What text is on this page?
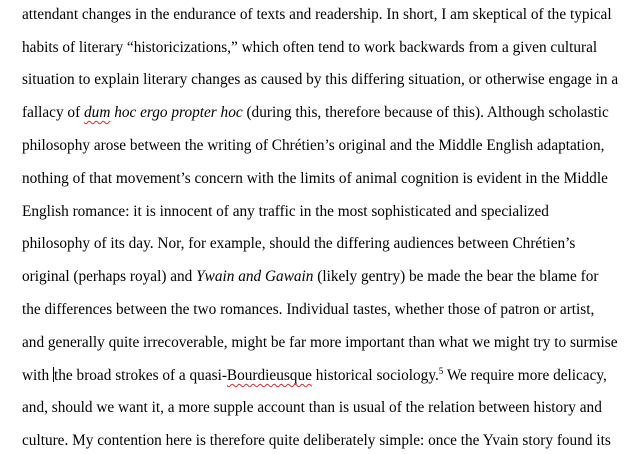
attendant changes in the endurance of texts and readership. In short, I am skeptical of the typical
habits of literary “historicizations,” which often tend to work backwards from a given cultural
situation to explain literary changes as caused by this differing situation, or otherwise engage in a
fallacy of dum hoc ergo propter hoc (during this, therefore because of this). Although scholastic
philosophy arose between the writing of Chrétien’s original and the Middle English adaptation,
nothing of that movement’s concern with the limits of animal cognition is evident in the Middle
English romance: it is innocent of any traffic in the most sophisticated and specialized
philosophy of its day. Nor, for example, should the differing audiences between Chrétien’s
original (perhaps royal) and Ywain and Gawain (likely gentry) be made the bear the blame for
the differences between the two romances. Individual tastes, whether those of patron or artist,
and generally quite irrecoverable, might be far more important than what we might try to surmise
with the broad strokes of a quasi-Bourdieusque historical sociology.$^5$ We require more delicacy,
and, should we want it, a more supple account than is usual of the relation between history and
culture. My contention here is therefore quite deliberately simple: once the Yvain story found its
